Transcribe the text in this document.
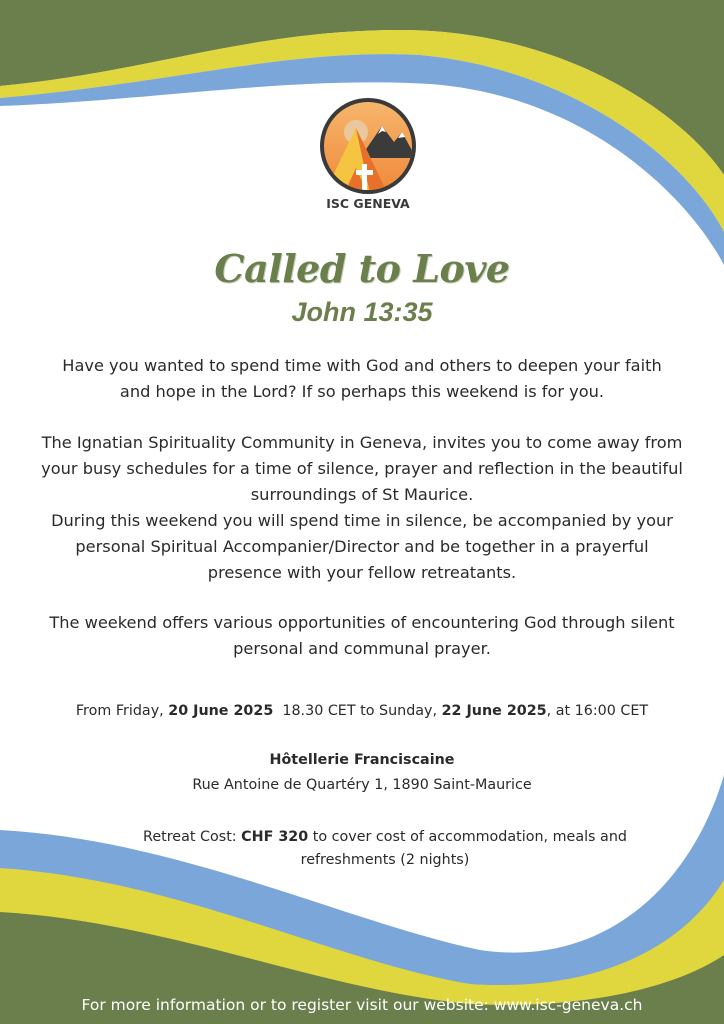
ISC GENEVA
Called to Love
John 13:35
Have you wanted to spend time with God and others to deepen your faith
and hope in the Lord? If so perhaps this weekend is for you.
The Ignatian Spirituality Community in Geneva, invites you to come away from
your busy schedules for a time of silence, prayer and reflection in the beautiful
surroundings of St Maurice.
During this weekend you will spend time in silence, be accompanied by your
personal Spiritual Accompanier/Director and be together in a prayerful
presence with your fellow retreatants.
The weekend offers various opportunities of encountering God through silent
personal and communal prayer.
From Friday, 20 June 2025  18.30 CET to Sunday, 22 June 2025, at 16:00 CET
Hôtellerie Franciscaine
Rue Antoine de Quartéry 1, 1890 Saint-Maurice
Retreat Cost: CHF 320 to cover cost of accommodation, meals and
refreshments (2 nights)
For more information or to register visit our website: www.isc-geneva.ch
